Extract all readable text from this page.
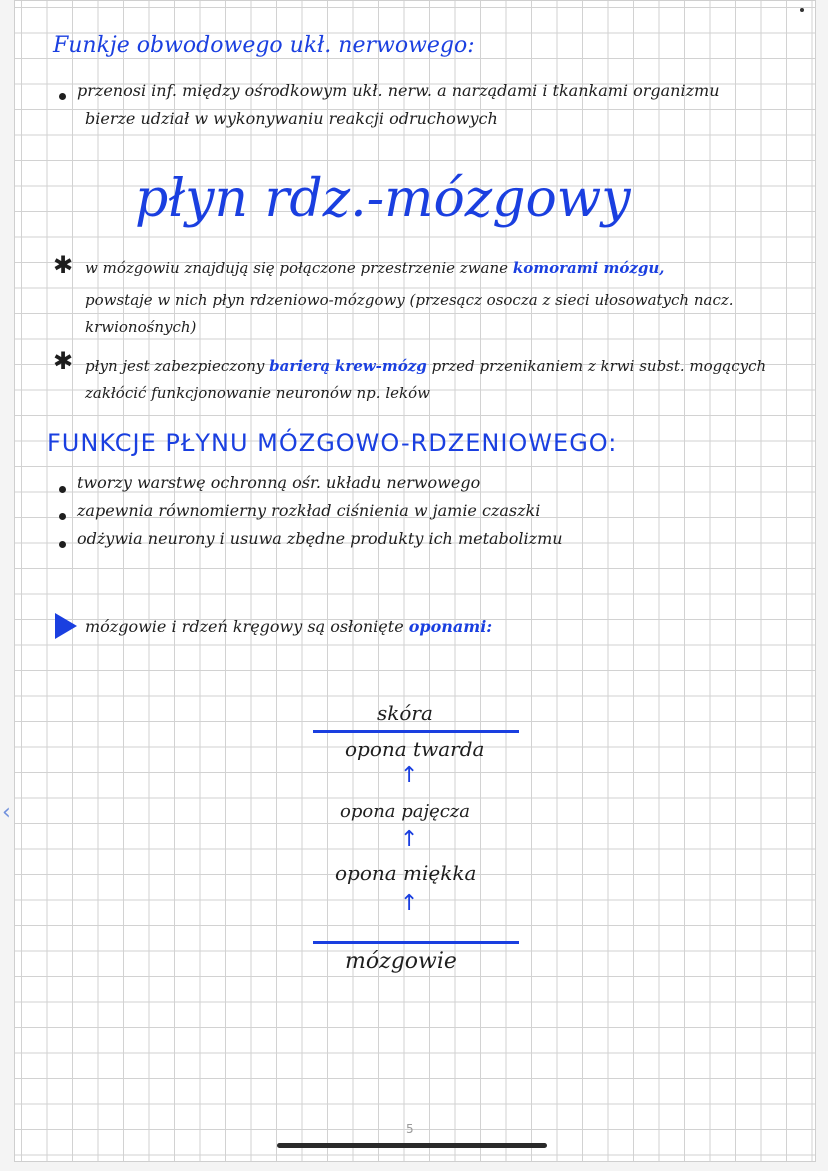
Funkje obwodowego ukł. nerwowego:
przenosi inf. między ośrodkowym ukł. nerw. a narządami i tkankami organizmu
bierze udział w wykonywaniu reakcji odruchowych
płyn rdz.-mózgowy
✱ w mózgowiu znajdują się połączone przestrzenie zwane komorami mózgu,
powstaje w nich płyn rdzeniowo-mózgowy (przesącz osocza z sieci ułosowatych nacz.
krwionośnych)
✱ płyn jest zabezpieczony barierą krew-mózg przed przenikaniem z krwi subst. mogących
zakłócić funkcjonowanie neuronów np. leków
FUNKCJE PŁYNU MÓZGOWO-RDZENIOWEGO:
tworzy warstwę ochronną ośr. układu nerwowego
zapewnia równomierny rozkład ciśnienia w jamie czaszki
odżywia neurony i usuwa zbędne produkty ich metabolizmu
mózgowie i rdzeń kręgowy są osłonięte oponami:
skóra
opona twarda
↑
opona pajęcza
↑
opona miękka
↑
mózgowie
‹
5
